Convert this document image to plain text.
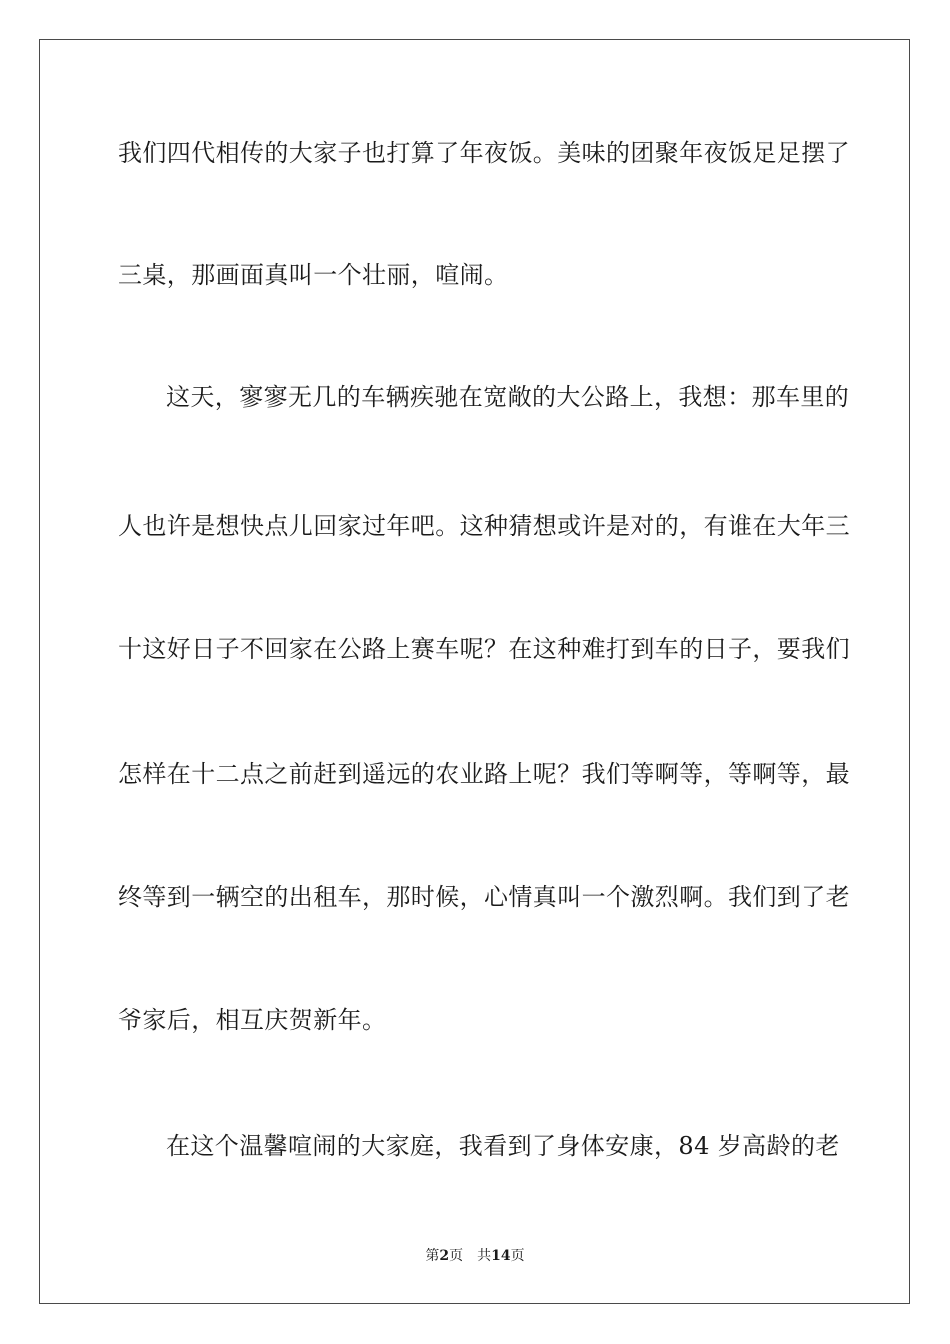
我们四代相传的大家子也打算了年夜饭。美味的团聚年夜饭足足摆了
三桌，那画面真叫一个壮丽，喧闹。
这天，寥寥无几的车辆疾驰在宽敞的大公路上，我想：那车里的
人也许是想快点儿回家过年吧。这种猜想或许是对的，有谁在大年三
十这好日子不回家在公路上赛车呢？在这种难打到车的日子，要我们
怎样在十二点之前赶到遥远的农业路上呢？我们等啊等，等啊等，最
终等到一辆空的出租车，那时候，心情真叫一个激烈啊。我们到了老
爷家后，相互庆贺新年。
在这个温馨喧闹的大家庭，我看到了身体安康，84 岁高龄的老
第2页 共14页
